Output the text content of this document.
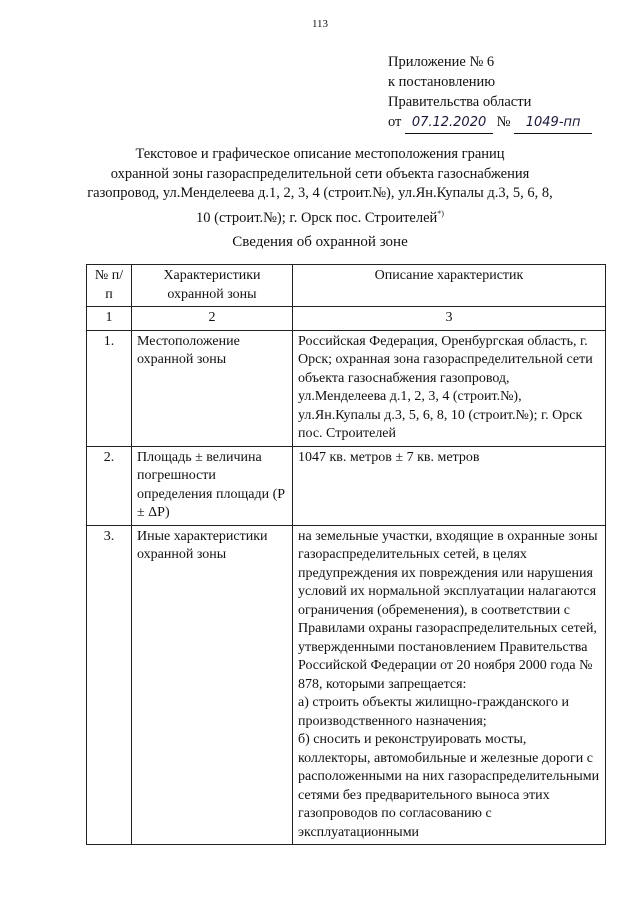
113
Приложение № 6
к постановлению
Правительства области
от 07.12.2020 № 1049-пп
Текстовое и графическое описание местоположения границ
охранной зоны газораспределительной сети объекта газоснабжения
газопровод, ул.Менделеева д.1, 2, 3, 4 (строит.№), ул.Ян.Купалы д.3, 5, 6, 8,
10 (строит.№); г. Орск пос. Строителей*)
Сведения об охранной зоне
№ п/п	Характеристики охранной зоны	Описание характеристик
1	2	3
1.	Местоположение охранной зоны	Российская Федерация, Оренбургская область, г. Орск; охранная зона газораспределительной сети объекта газоснабжения газопровод, ул.Менделеева д.1, 2, 3, 4 (строит.№), ул.Ян.Купалы д.3, 5, 6, 8, 10 (строит.№); г. Орск пос. Строителей
2.	Площадь ± величина погрешности определения площади (Р ± ΔР)	1047 кв. метров ± 7 кв. метров
3.	Иные характеристики охранной зоны	на земельные участки, входящие в охранные зоны газораспределительных сетей, в целях предупреждения их повреждения или нарушения условий их нормальной эксплуатации налагаются ограничения (обременения), в соответствии с Правилами охраны газораспределительных сетей, утвержденными постановлением Правительства Российской Федерации от 20 ноября 2000 года № 878, которыми запрещается:
а) строить объекты жилищно-гражданского и производственного назначения;
б) сносить и реконструировать мосты, коллекторы, автомобильные и железные дороги с расположенными на них газораспределительными сетями без предварительного выноса этих газопроводов по согласованию с эксплуатационными
